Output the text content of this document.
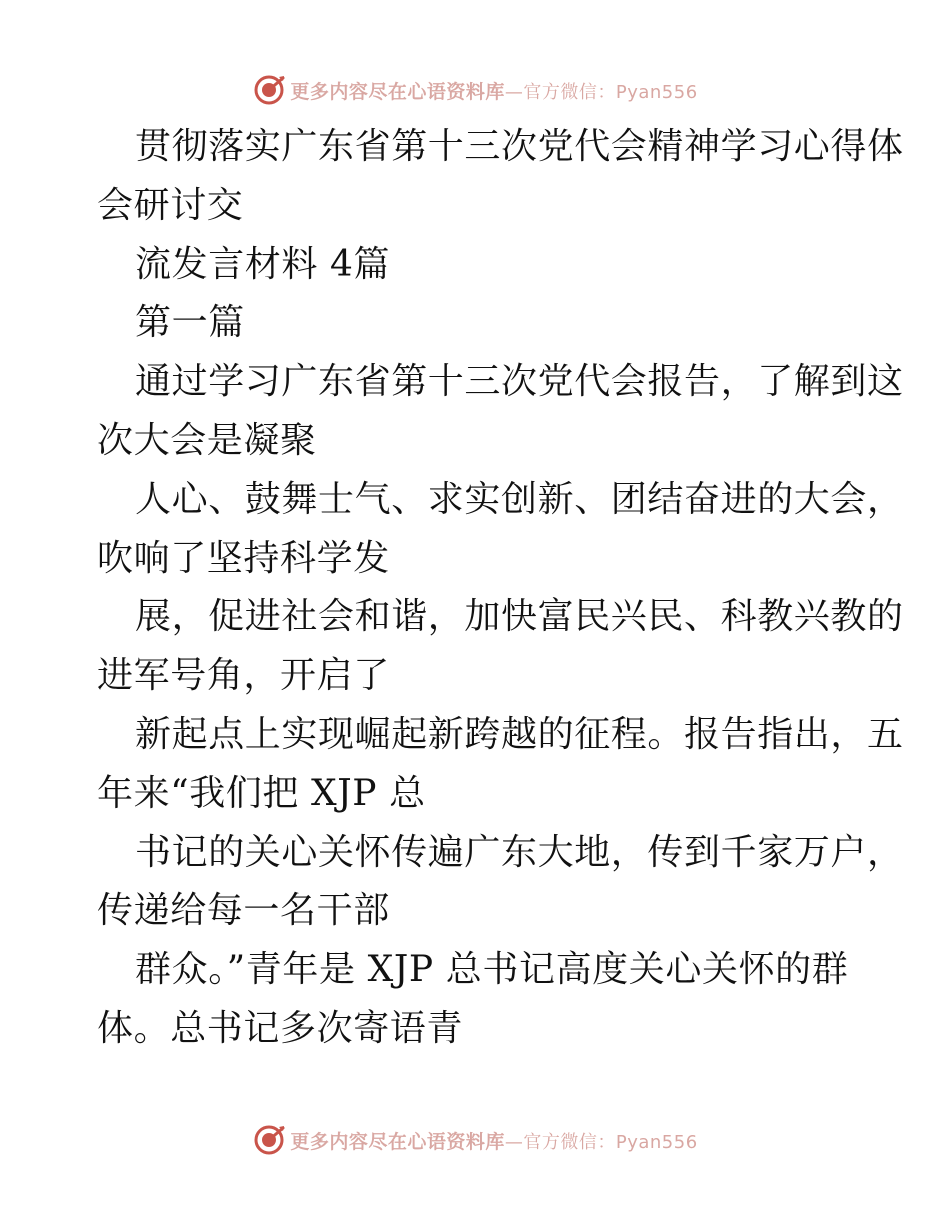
更多内容尽在心语资料库—官方微信：Pyan556
贯彻落实广东省第十三次党代会精神学习心得体
会研讨交
流发言材料 4篇
第一篇
通过学习广东省第十三次党代会报告，了解到这
次大会是凝聚
人心、鼓舞士气、求实创新、团结奋进的大会，
吹响了坚持科学发
展，促进社会和谐，加快富民兴民、科教兴教的
进军号角，开启了
新起点上实现崛起新跨越的征程。报告指出，五
年来“我们把 XJP 总
书记的关心关怀传遍广东大地，传到千家万户，
传递给每一名干部
群众。”青年是 XJP 总书记高度关心关怀的群
体。总书记多次寄语青
更多内容尽在心语资料库—官方微信：Pyan556
